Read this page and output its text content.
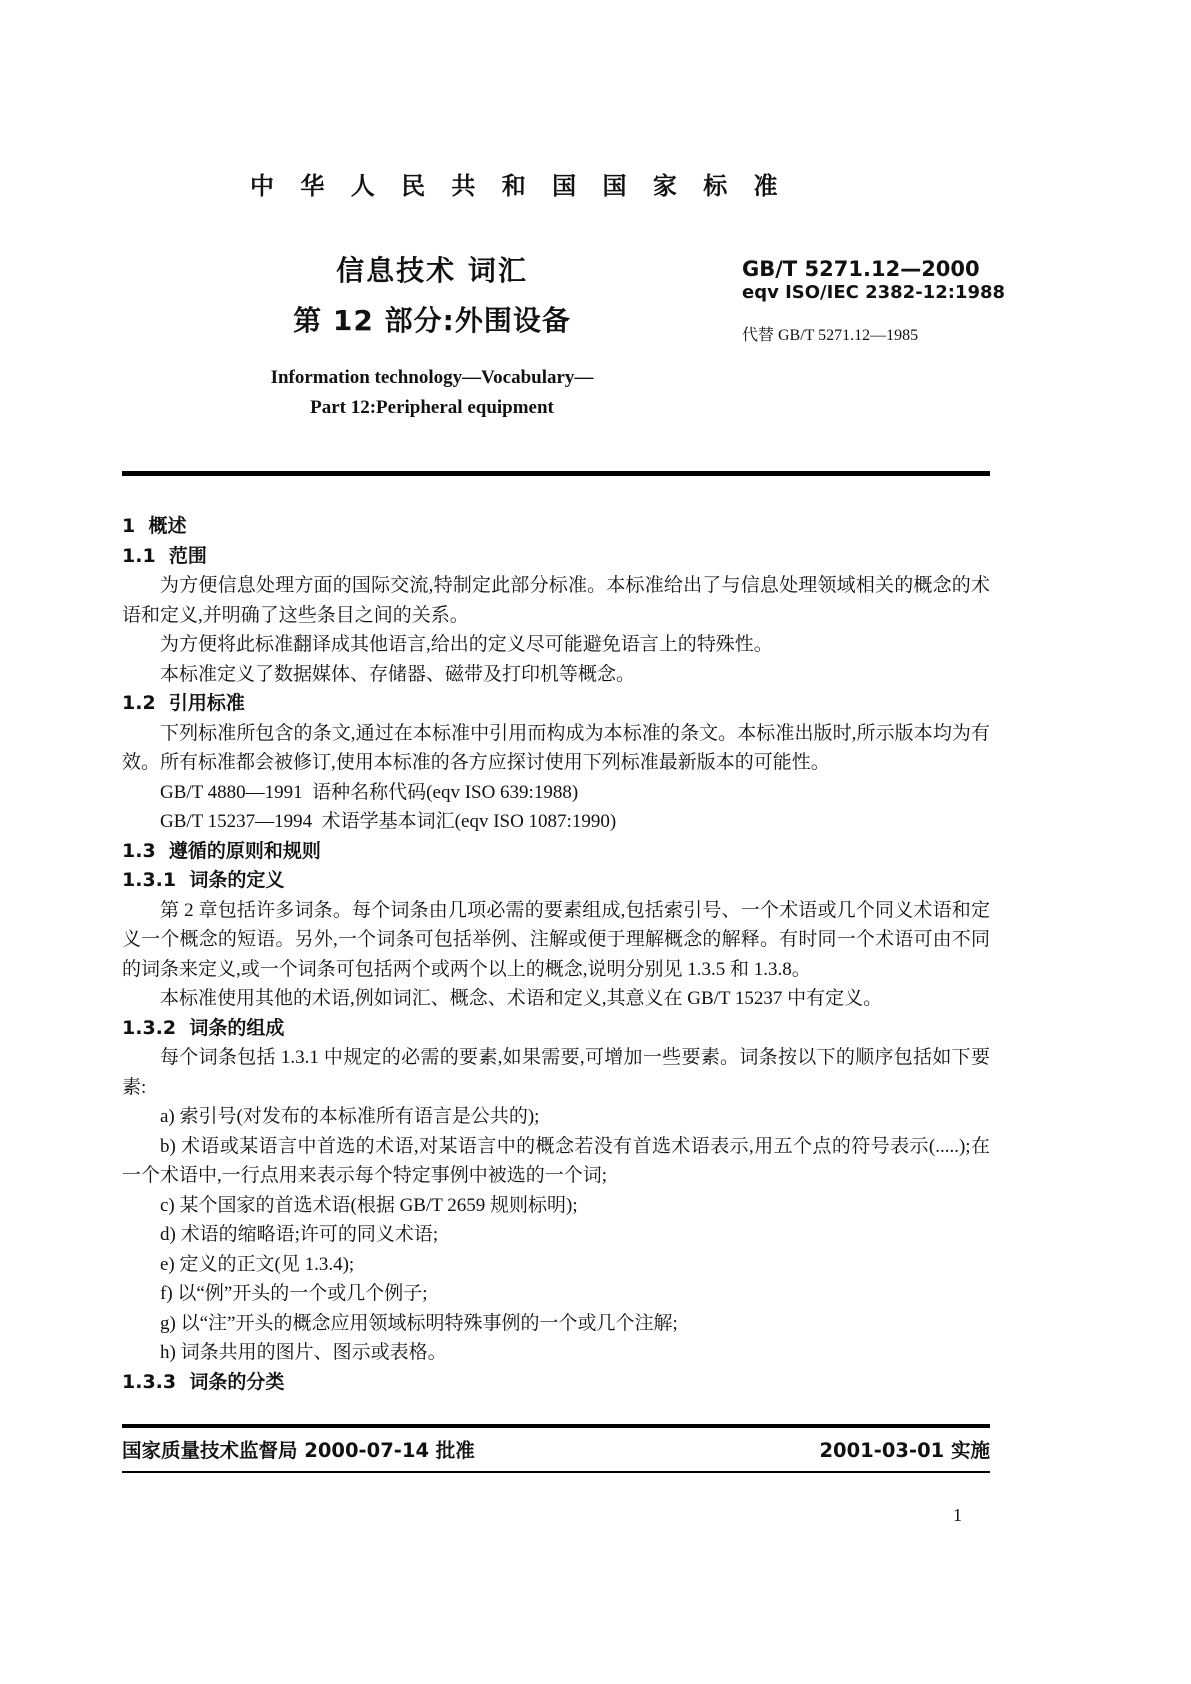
中 华 人 民 共 和 国 国 家 标 准
信息技术 词汇
第 12 部分:外围设备
Information technology—Vocabulary—
Part 12:Peripheral equipment
GB/T 5271.12—2000
eqv ISO/IEC 2382-12:1988
代替 GB/T 5271.12—1985
1  概述
1.1  范围
为方便信息处理方面的国际交流,特制定此部分标准。本标准给出了与信息处理领域相关的概念的术语和定义,并明确了这些条目之间的关系。
为方便将此标准翻译成其他语言,给出的定义尽可能避免语言上的特殊性。
本标准定义了数据媒体、存储器、磁带及打印机等概念。
1.2  引用标准
下列标准所包含的条文,通过在本标准中引用而构成为本标准的条文。本标准出版时,所示版本均为有效。所有标准都会被修订,使用本标准的各方应探讨使用下列标准最新版本的可能性。
GB/T 4880—1991  语种名称代码(eqv ISO 639:1988)
GB/T 15237—1994  术语学基本词汇(eqv ISO 1087:1990)
1.3  遵循的原则和规则
1.3.1  词条的定义
第 2 章包括许多词条。每个词条由几项必需的要素组成,包括索引号、一个术语或几个同义术语和定义一个概念的短语。另外,一个词条可包括举例、注解或便于理解概念的解释。有时同一个术语可由不同的词条来定义,或一个词条可包括两个或两个以上的概念,说明分别见 1.3.5 和 1.3.8。
本标准使用其他的术语,例如词汇、概念、术语和定义,其意义在 GB/T 15237 中有定义。
1.3.2  词条的组成
每个词条包括 1.3.1 中规定的必需的要素,如果需要,可增加一些要素。词条按以下的顺序包括如下要素:
a) 索引号(对发布的本标准所有语言是公共的);
b) 术语或某语言中首选的术语,对某语言中的概念若没有首选术语表示,用五个点的符号表示(.....);在一个术语中,一行点用来表示每个特定事例中被选的一个词;
c) 某个国家的首选术语(根据 GB/T 2659 规则标明);
d) 术语的缩略语;许可的同义术语;
e) 定义的正文(见 1.3.4);
f) 以“例”开头的一个或几个例子;
g) 以“注”开头的概念应用领域标明特殊事例的一个或几个注解;
h) 词条共用的图片、图示或表格。
1.3.3  词条的分类
国家质量技术监督局 2000-07-14 批准	2001-03-01 实施
1
